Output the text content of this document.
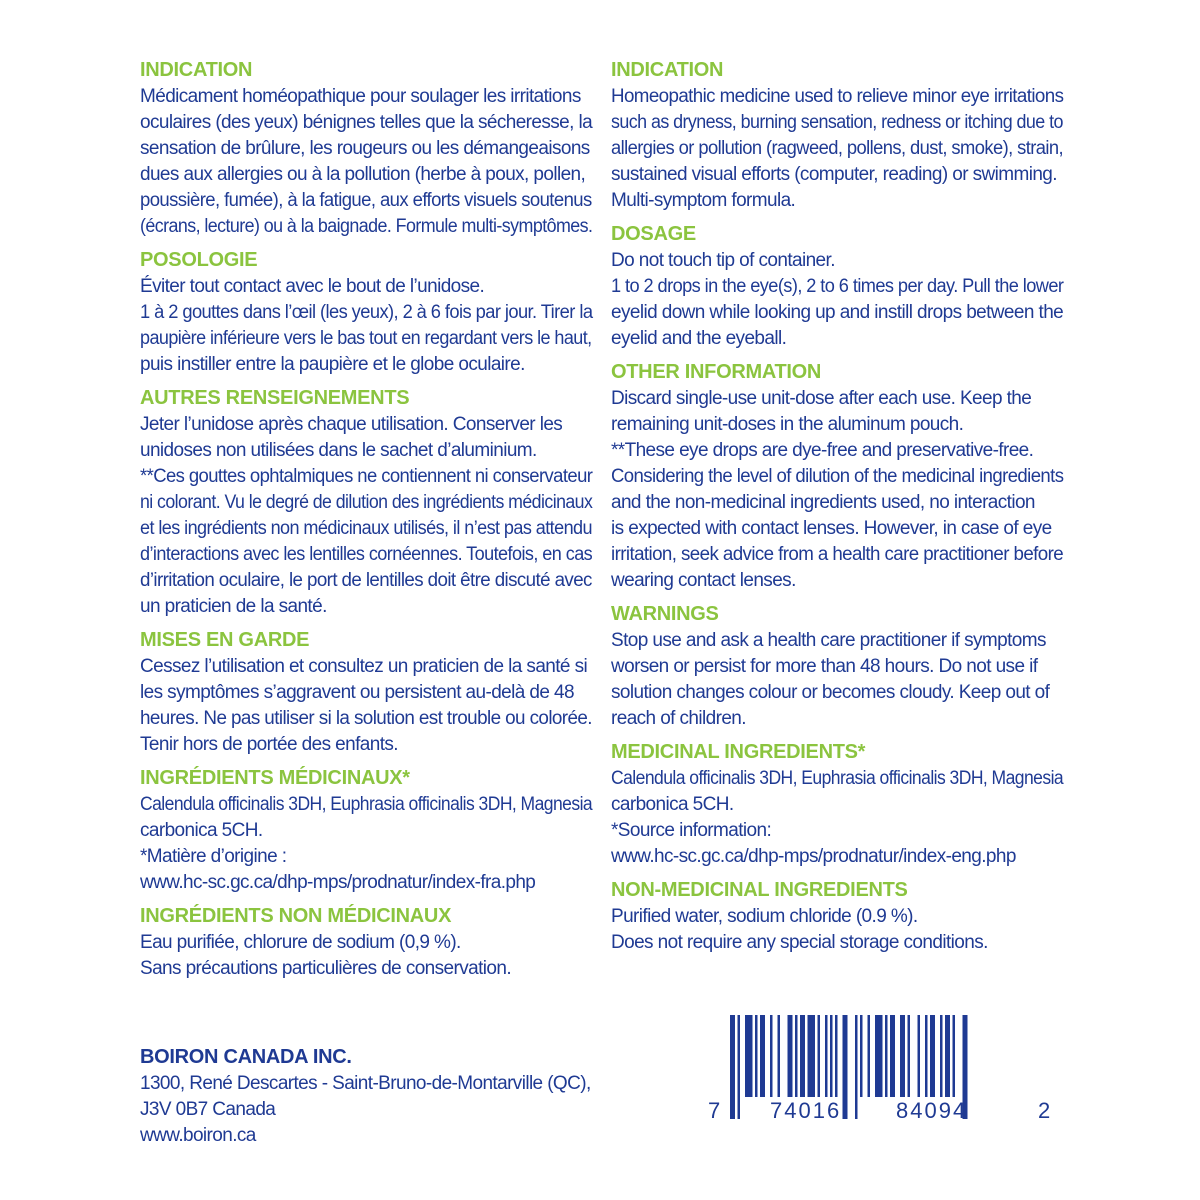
INDICATION
Médicament homéopathique pour soulager les irritations
oculaires (des yeux) bénignes telles que la sécheresse, la
sensation de brûlure, les rougeurs ou les démangeaisons
dues aux allergies ou à la pollution (herbe à poux, pollen,
poussière, fumée), à la fatigue, aux efforts visuels soutenus
(écrans, lecture) ou à la baignade. Formule multi-symptômes.
POSOLOGIE
Éviter tout contact avec le bout de l’unidose.
1 à 2 gouttes dans l’œil (les yeux), 2 à 6 fois par jour. Tirer la
paupière inférieure vers le bas tout en regardant vers le haut,
puis instiller entre la paupière et le globe oculaire.
AUTRES RENSEIGNEMENTS
Jeter l’unidose après chaque utilisation. Conserver les
unidoses non utilisées dans le sachet d’aluminium.
**Ces gouttes ophtalmiques ne contiennent ni conservateur
ni colorant. Vu le degré de dilution des ingrédients médicinaux
et les ingrédients non médicinaux utilisés, il n’est pas attendu
d’interactions avec les lentilles cornéennes. Toutefois, en cas
d’irritation oculaire, le port de lentilles doit être discuté avec
un praticien de la santé.
MISES EN GARDE
Cessez l’utilisation et consultez un praticien de la santé si
les symptômes s’aggravent ou persistent au-delà de 48
heures. Ne pas utiliser si la solution est trouble ou colorée.
Tenir hors de portée des enfants.
INGRÉDIENTS MÉDICINAUX*
Calendula officinalis 3DH, Euphrasia officinalis 3DH, Magnesia
carbonica 5CH.
*Matière d’origine :
www.hc-sc.gc.ca/dhp-mps/prodnatur/index-fra.php
INGRÉDIENTS NON MÉDICINAUX
Eau purifiée, chlorure de sodium (0,9 %).
Sans précautions particulières de conservation.
INDICATION
Homeopathic medicine used to relieve minor eye irritations
such as dryness, burning sensation, redness or itching due to
allergies or pollution (ragweed, pollens, dust, smoke), strain,
sustained visual efforts (computer, reading) or swimming.
Multi-symptom formula.
DOSAGE
Do not touch tip of container.
1 to 2 drops in the eye(s), 2 to 6 times per day. Pull the lower
eyelid down while looking up and instill drops between the
eyelid and the eyeball.
OTHER INFORMATION
Discard single-use unit-dose after each use. Keep the
remaining unit-doses in the aluminum pouch.
**These eye drops are dye-free and preservative-free.
Considering the level of dilution of the medicinal ingredients
and the non-medicinal ingredients used, no interaction
is expected with contact lenses. However, in case of eye
irritation, seek advice from a health care practitioner before
wearing contact lenses.
WARNINGS
Stop use and ask a health care practitioner if symptoms
worsen or persist for more than 48 hours. Do not use if
solution changes colour or becomes cloudy. Keep out of
reach of children.
MEDICINAL INGREDIENTS*
Calendula officinalis 3DH, Euphrasia officinalis 3DH, Magnesia
carbonica 5CH.
*Source information:
www.hc-sc.gc.ca/dhp-mps/prodnatur/index-eng.php
NON-MEDICINAL INGREDIENTS
Purified water, sodium chloride (0.9 %).
Does not require any special storage conditions.
BOIRON CANADA INC.
1300, René Descartes - Saint-Bruno-de-Montarville (QC),
J3V 0B7 Canada
www.boiron.ca
7 74016 84094	2
